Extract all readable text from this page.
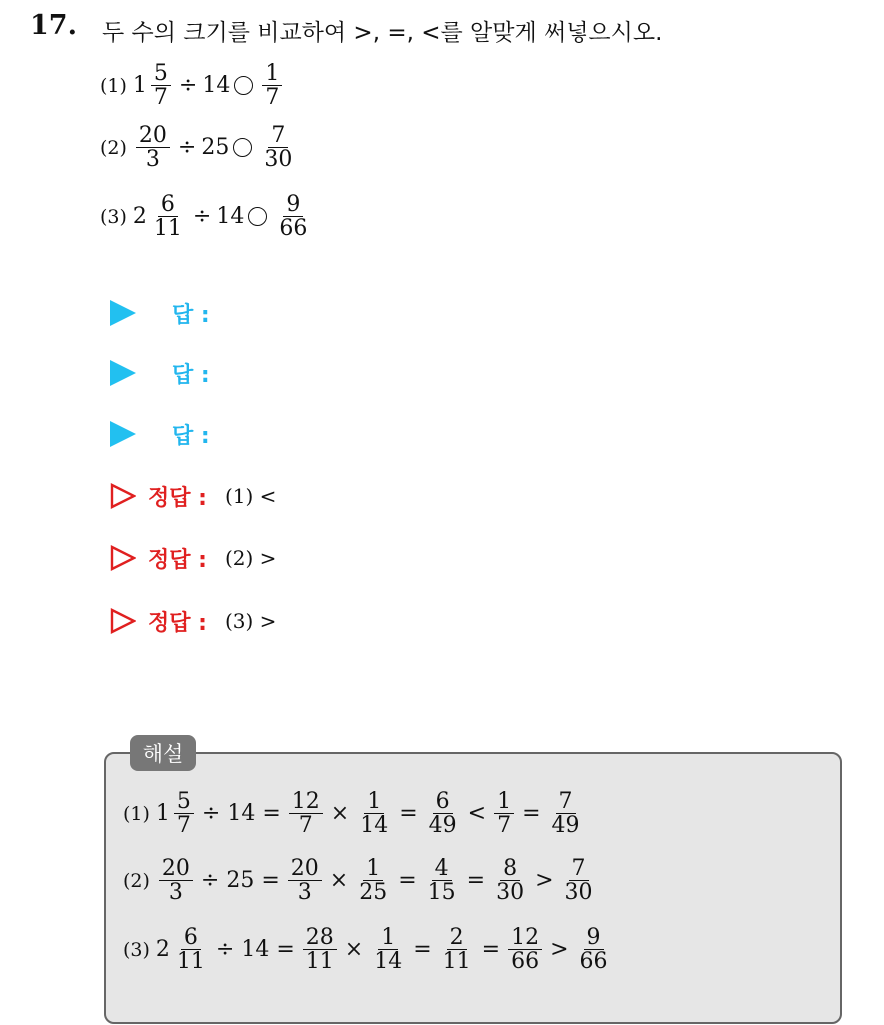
17. 두 수의 크기를 비교하여 >, =, <를 알맞게 써넣으시오.
(1) $1 \frac{5}{7} \div 14 \frac{1}{7}$
$(2) \frac{20}{3} \div 25 \frac{7}{30}$
(3) $2 \frac{6}{11} \div 14 \frac{9}{66}$
답 :
답 :
답 :
정답 : (1) <
정답 : (2) >
정답 : (3) >
해설
(1) $1 \frac{5}{7} \div 14 = \frac{12}{7} \times \frac{1}{14} = \frac{6}{49} < \frac{1}{7} = \frac{7}{49}$
$(2) \frac{20}{3} \div 25 = \frac{20}{3} \times \frac{1}{25} = \frac{4}{15} = \frac{8}{30} > \frac{7}{30}$
(3) $2 \frac{6}{11} \div 14 = \frac{28}{11} \times \frac{1}{14} = \frac{2}{11} = \frac{12}{66} > \frac{9}{66}$
